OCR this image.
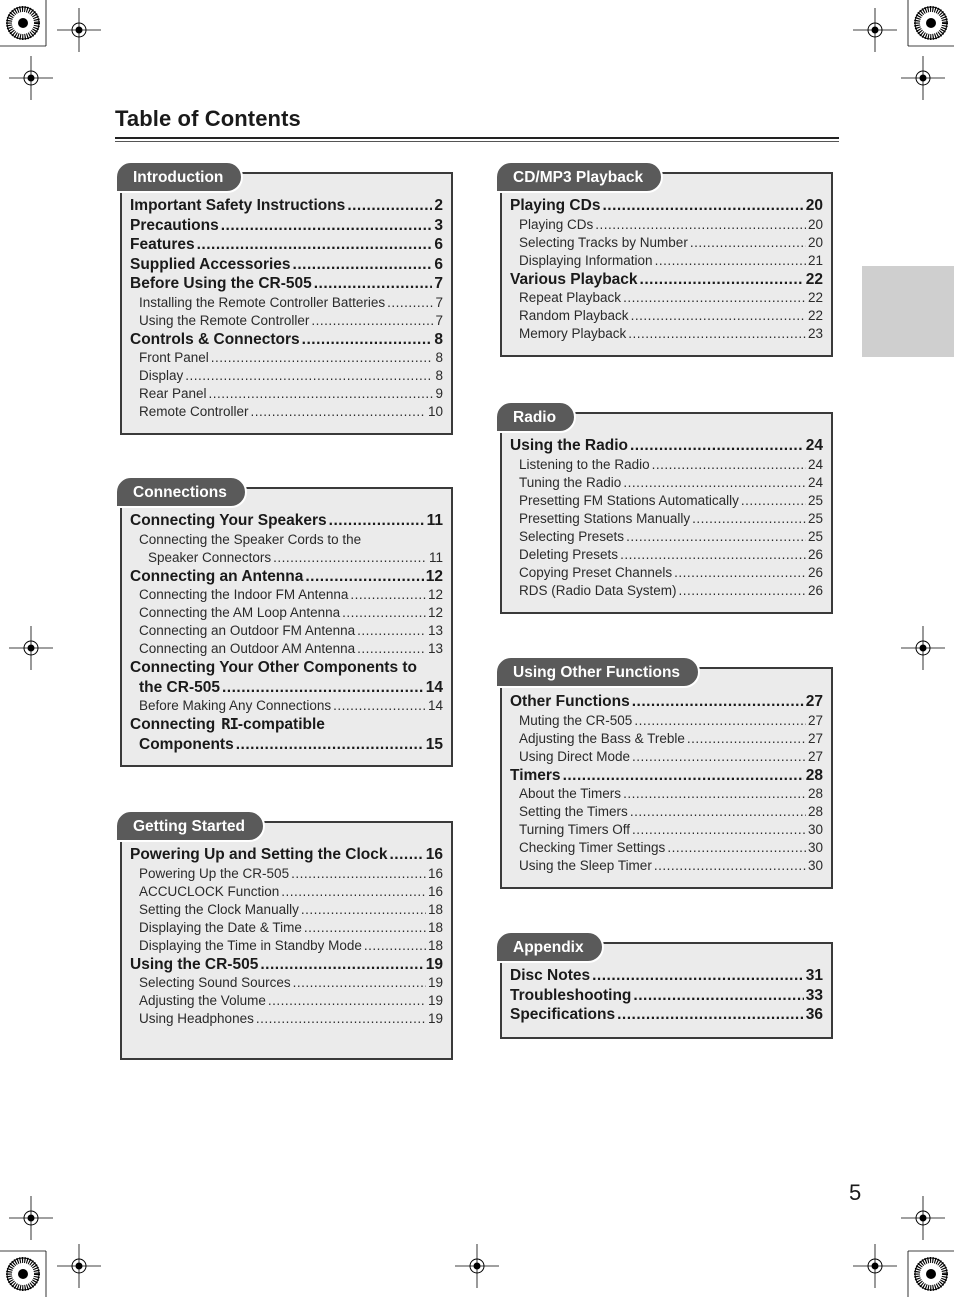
Table of Contents
Introduction
Important Safety Instructions .....	2
Precautions .....	3
Features .....	6
Supplied Accessories .....	6
Before Using the CR-505 .....	7
Installing the Remote Controller Batteries .....	7
Using the Remote Controller .....	7
Controls & Connectors .....	8
Front Panel .....	8
Display .....	8
Rear Panel .....	9
Remote Controller .....	10
Connections
Connecting Your Speakers .....	11
Connecting the Speaker Cords to the
Speaker Connectors .....	11
Connecting an Antenna .....	12
Connecting the Indoor FM Antenna .....	12
Connecting the AM Loop Antenna .....	12
Connecting an Outdoor FM Antenna .....	13
Connecting an Outdoor AM Antenna .....	13
Connecting Your Other Components to
the CR-505 .....	14
Before Making Any Connections .....	14
Connecting RI-compatible
Components .....	15
Getting Started
Powering Up and Setting the Clock ..... 16
Powering Up the CR-505 .....	16
ACCUCLOCK Function .....	16
Setting the Clock Manually .....	18
Displaying the Date & Time .....	18
Displaying the Time in Standby Mode .....	18
Using the CR-505 .....	19
Selecting Sound Sources .....	19
Adjusting the Volume .....	19
Using Headphones .....	19
CD/MP3 Playback
Playing CDs .....	20
Playing CDs .....	20
Selecting Tracks by Number .....	20
Displaying Information .....	21
Various Playback .....	22
Repeat Playback .....	22
Random Playback .....	22
Memory Playback .....	23
Radio
Using the Radio .....	24
Listening to the Radio .....	24
Tuning the Radio .....	24
Presetting FM Stations Automatically .....	25
Presetting Stations Manually .....	25
Selecting Presets .....	25
Deleting Presets .....	26
Copying Preset Channels .....	26
RDS (Radio Data System) .....	26
Using Other Functions
Other Functions .....	27
Muting the CR-505 .....	27
Adjusting the Bass & Treble .....	27
Using Direct Mode .....	27
Timers .....	28
About the Timers .....	28
Setting the Timers .....	28
Turning Timers Off .....	30
Checking Timer Settings .....	30
Using the Sleep Timer .....	30
Appendix
Disc Notes .....	31
Troubleshooting .....	33
Specifications .....	36
5
